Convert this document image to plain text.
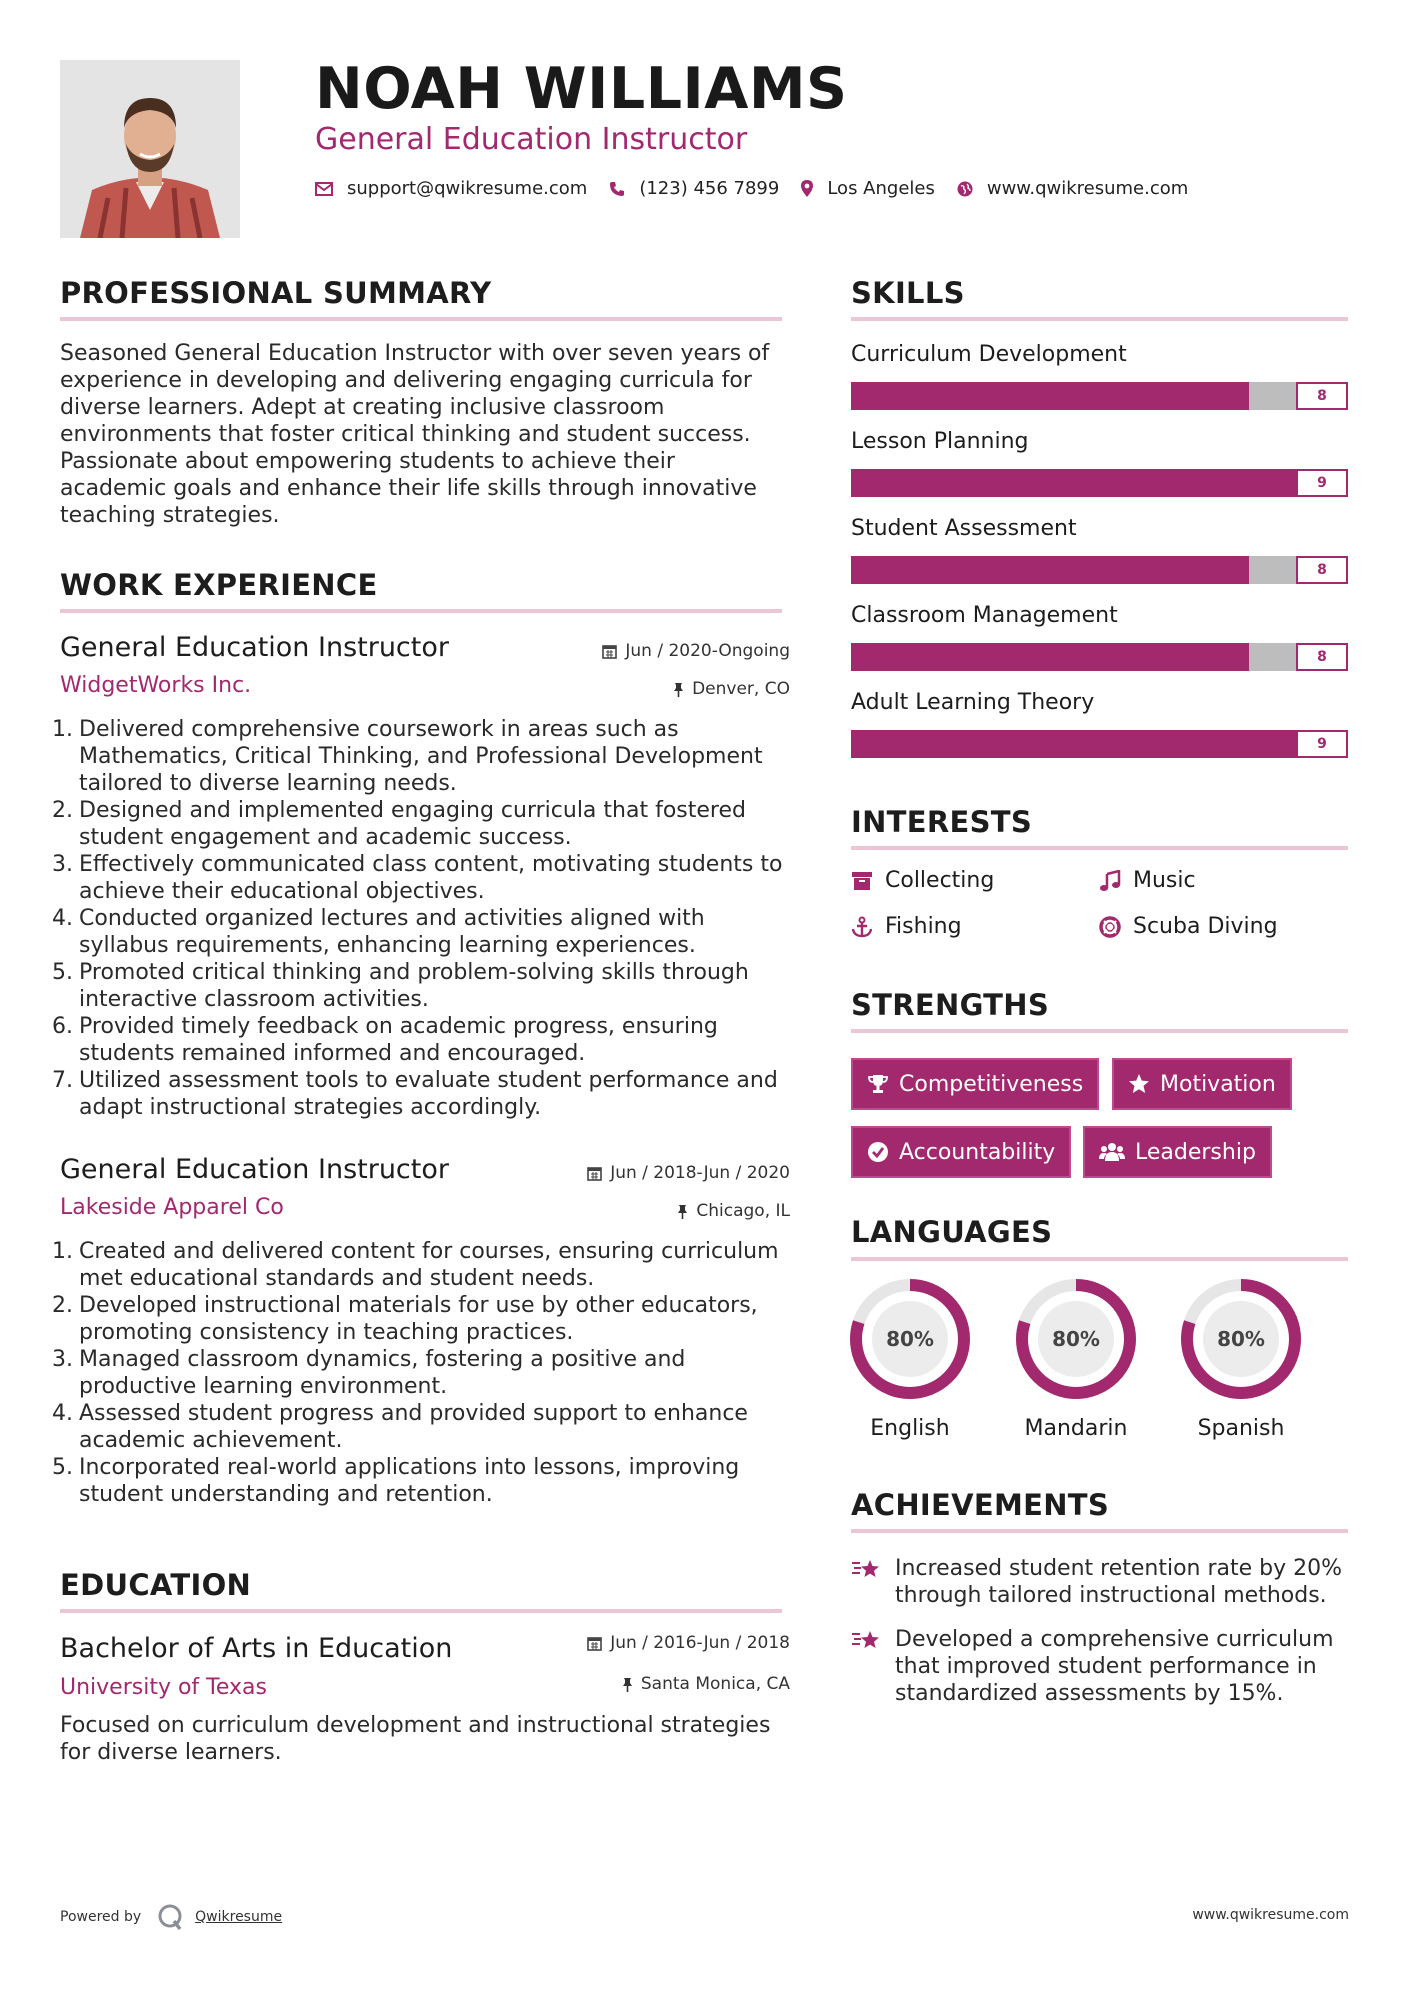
NOAH WILLIAMS
General Education Instructor
support@qwikresume.com	(123) 456 7899	Los Angeles	www.qwikresume.com
PROFESSIONAL SUMMARY
Seasoned General Education Instructor with over seven years of experience in developing and delivering engaging curricula for diverse learners. Adept at creating inclusive classroom environments that foster critical thinking and student success. Passionate about empowering students to achieve their academic goals and enhance their life skills through innovative teaching strategies.
WORK EXPERIENCE
General Education Instructor
WidgetWorks Inc.
Jun / 2020-Ongoing
Denver, CO
1. Delivered comprehensive coursework in areas such as Mathematics, Critical Thinking, and Professional Development tailored to diverse learning needs.
2. Designed and implemented engaging curricula that fostered student engagement and academic success.
3. Effectively communicated class content, motivating students to achieve their educational objectives.
4. Conducted organized lectures and activities aligned with syllabus requirements, enhancing learning experiences.
5. Promoted critical thinking and problem-solving skills through interactive classroom activities.
6. Provided timely feedback on academic progress, ensuring students remained informed and encouraged.
7. Utilized assessment tools to evaluate student performance and adapt instructional strategies accordingly.
General Education Instructor
Lakeside Apparel Co
Jun / 2018-Jun / 2020
Chicago, IL
1. Created and delivered content for courses, ensuring curriculum met educational standards and student needs.
2. Developed instructional materials for use by other educators, promoting consistency in teaching practices.
3. Managed classroom dynamics, fostering a positive and productive learning environment.
4. Assessed student progress and provided support to enhance academic achievement.
5. Incorporated real-world applications into lessons, improving student understanding and retention.
EDUCATION
Bachelor of Arts in Education
University of Texas
Jun / 2016-Jun / 2018
Santa Monica, CA
Focused on curriculum development and instructional strategies for diverse learners.
SKILLS
Curriculum Development
8
Lesson Planning
9
Student Assessment
8
Classroom Management
8
Adult Learning Theory
9
INTERESTS
Collecting	Music
Fishing	Scuba Diving
STRENGTHS
Competitiveness	Motivation
Accountability	Leadership
LANGUAGES
80%
English
80%
Mandarin
80%
Spanish
ACHIEVEMENTS
Increased student retention rate by 20% through tailored instructional methods.
Developed a comprehensive curriculum that improved student performance in standardized assessments by 15%.
Powered by	Qwikresume	www.qwikresume.com
